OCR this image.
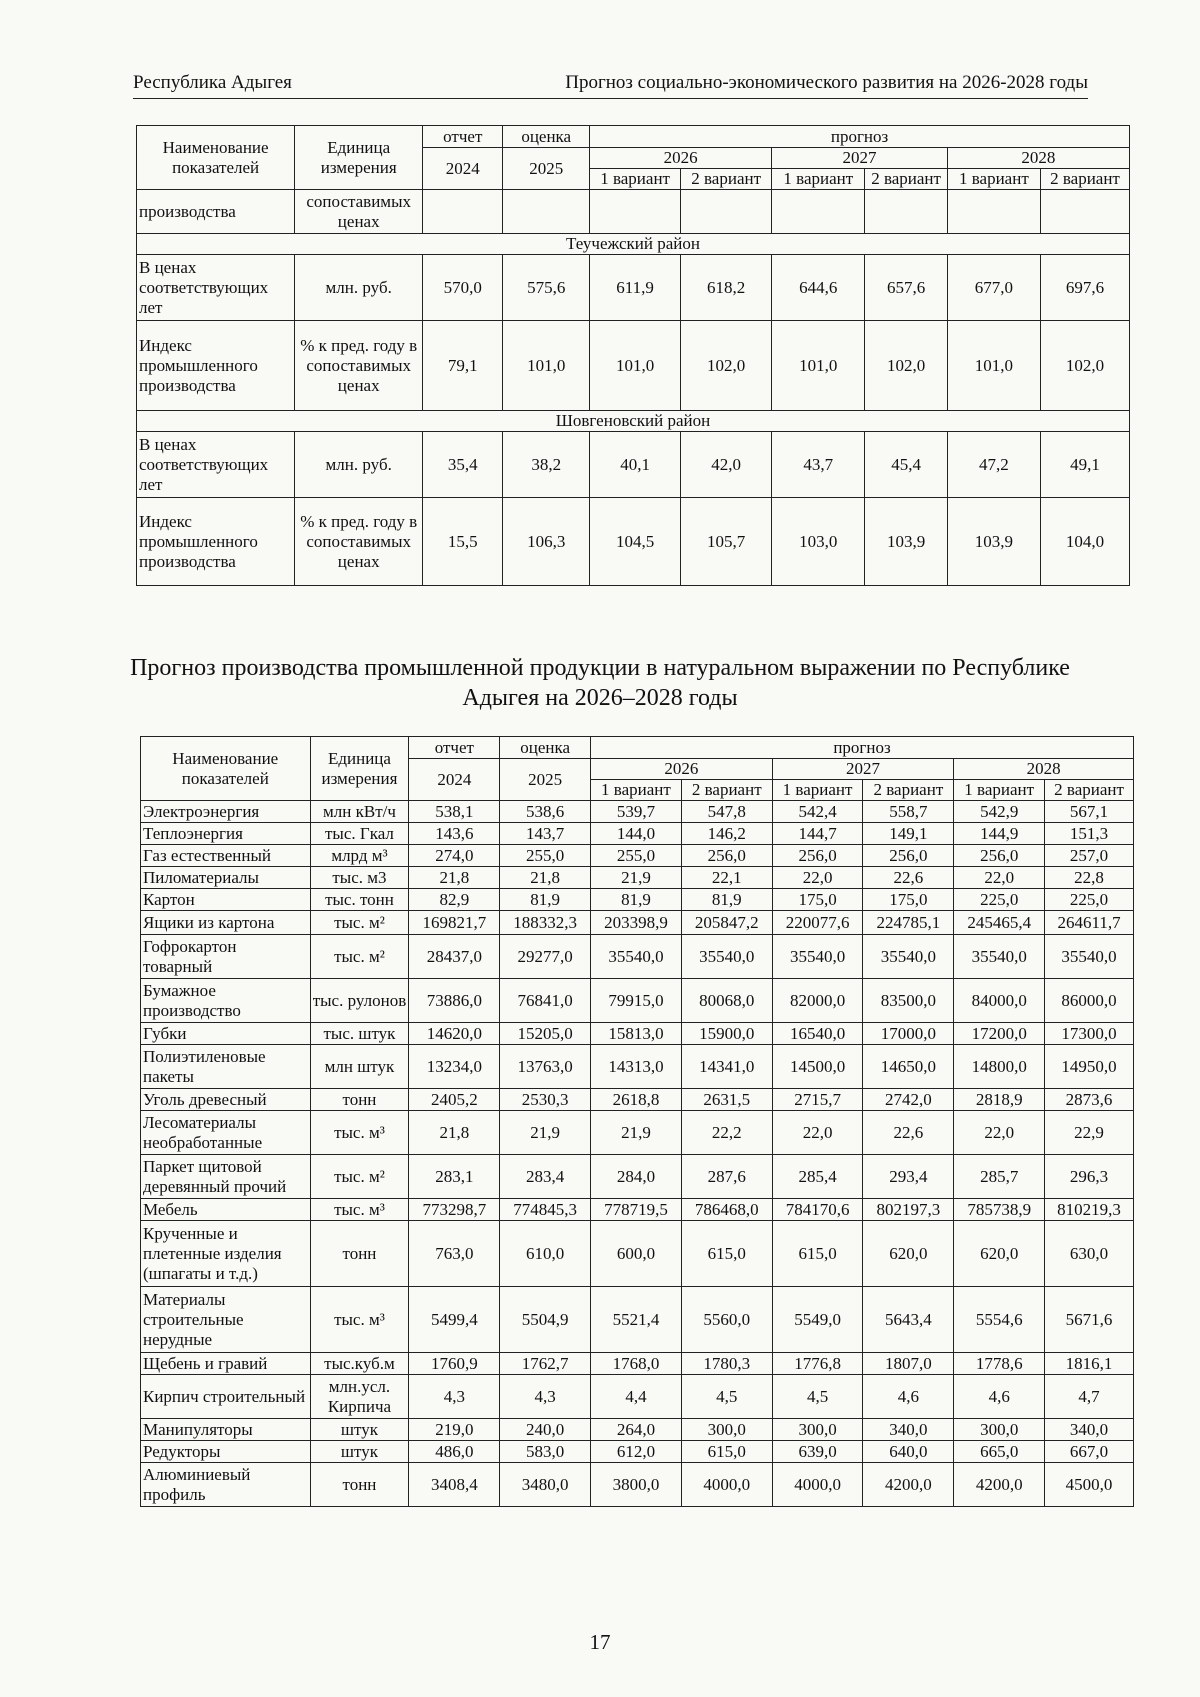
Республика Адыгея	Прогноз социально-экономического развития на 2026-2028 годы
Наименование показателей	Единица измерения	отчет	оценка	прогноз					
		2024	2025	2026		2027		2028	
				1 вариант	2 вариант	1 вариант	2 вариант	1 вариант	2 вариант
производства	сопоставимых ценах								
Теучежский район									
В ценах соответствующих лет	млн. руб.	570,0	575,6	611,9	618,2	644,6	657,6	677,0	697,6
Индекс промышленного производства	% к пред. году в сопоставимых ценах	79,1	101,0	101,0	102,0	101,0	102,0	101,0	102,0
Шовгеновский район									
В ценах соответствующих лет	млн. руб.	35,4	38,2	40,1	42,0	43,7	45,4	47,2	49,1
Индекс промышленного производства	% к пред. году в сопоставимых ценах	15,5	106,3	104,5	105,7	103,0	103,9	103,9	104,0
Прогноз производства промышленной продукции в натуральном выражении по Республике Адыгея на 2026–2028 годы
Наименование показателей	Единица измерения	отчет	оценка	прогноз					
		2024	2025	2026		2027		2028	
				1 вариант	2 вариант	1 вариант	2 вариант	1 вариант	2 вариант
Электроэнергия	млн кВт/ч	538,1	538,6	539,7	547,8	542,4	558,7	542,9	567,1
Теплоэнергия	тыс. Гкал	143,6	143,7	144,0	146,2	144,7	149,1	144,9	151,3
Газ естественный	млрд м³	274,0	255,0	255,0	256,0	256,0	256,0	256,0	257,0
Пиломатериалы	тыс. м3	21,8	21,8	21,9	22,1	22,0	22,6	22,0	22,8
Картон	тыс. тонн	82,9	81,9	81,9	81,9	175,0	175,0	225,0	225,0
Ящики из картона	тыс. м²	169821,7	188332,3	203398,9	205847,2	220077,6	224785,1	245465,4	264611,7
Гофрокартон товарный	тыс. м²	28437,0	29277,0	35540,0	35540,0	35540,0	35540,0	35540,0	35540,0
Бумажное производство	тыс. рулонов	73886,0	76841,0	79915,0	80068,0	82000,0	83500,0	84000,0	86000,0
Губки	тыс. штук	14620,0	15205,0	15813,0	15900,0	16540,0	17000,0	17200,0	17300,0
Полиэтиленовые пакеты	млн штук	13234,0	13763,0	14313,0	14341,0	14500,0	14650,0	14800,0	14950,0
Уголь древесный	тонн	2405,2	2530,3	2618,8	2631,5	2715,7	2742,0	2818,9	2873,6
Лесоматериалы необработанные	тыс. м³	21,8	21,9	21,9	22,2	22,0	22,6	22,0	22,9
Паркет щитовой деревянный прочий	тыс. м²	283,1	283,4	284,0	287,6	285,4	293,4	285,7	296,3
Мебель	тыс. м³	773298,7	774845,3	778719,5	786468,0	784170,6	802197,3	785738,9	810219,3
Крученные и плетенные изделия (шпагаты и т.д.)	тонн	763,0	610,0	600,0	615,0	615,0	620,0	620,0	630,0
Материалы строительные нерудные	тыс. м³	5499,4	5504,9	5521,4	5560,0	5549,0	5643,4	5554,6	5671,6
Щебень и гравий	тыс.куб.м	1760,9	1762,7	1768,0	1780,3	1776,8	1807,0	1778,6	1816,1
Кирпич строительный	млн.усл. Кирпича	4,3	4,3	4,4	4,5	4,5	4,6	4,6	4,7
Манипуляторы	штук	219,0	240,0	264,0	300,0	300,0	340,0	300,0	340,0
Редукторы	штук	486,0	583,0	612,0	615,0	639,0	640,0	665,0	667,0
Алюминиевый профиль	тонн	3408,4	3480,0	3800,0	4000,0	4000,0	4200,0	4200,0	4500,0
17
